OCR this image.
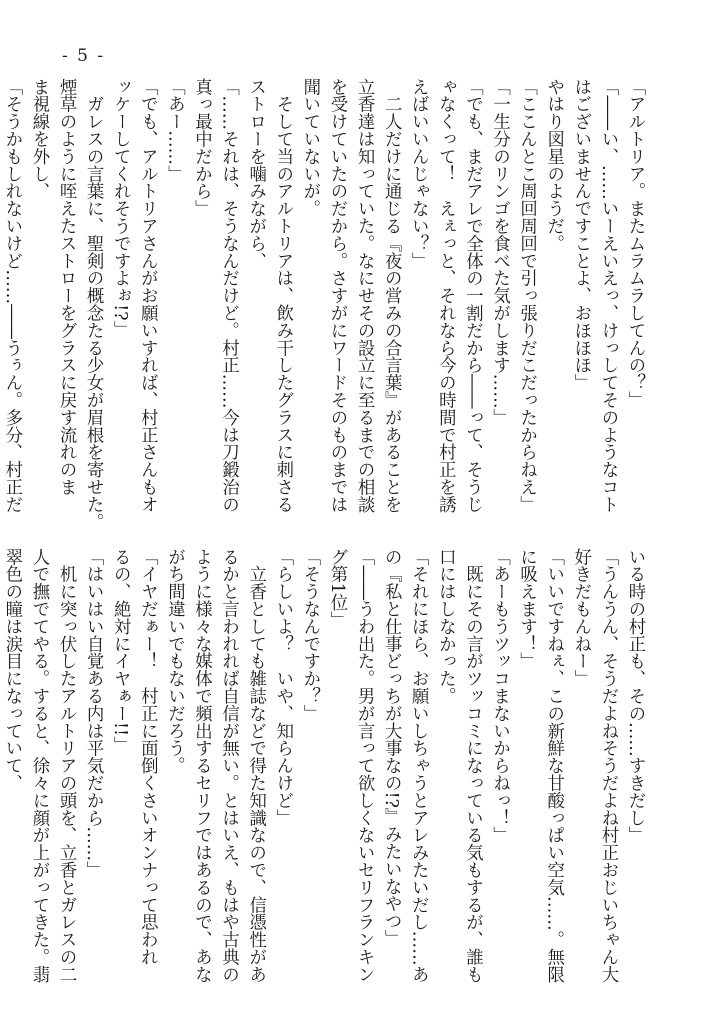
- 5 -

「アルトリア。またムラムラしてんの？」

「――い、……いーえいえっ、けっしてそのようなコト

はございませんですことよ、おほほほ」

やはり図星のようだ。

「ここんとこ周回周回で引っ張りだこだったからねえ」

「一生分のリンゴを食べた気がします……」

「でも、まだアレで全体の一割だから――って、そうじ

ゃなくって！　えぇっと、それなら今の時間で村正を誘

えばいいんじゃない？」

　二人だけに通じる『夜の営みの合言葉』があることを

立香達は知っていた。なにせその設立に至るまでの相談

を受けていたのだから。さすがにワードそのものまでは

聞いていないが。

　そして当のアルトリアは、飲み干したグラスに刺さる

ストローを噛みながら、

「……それは、そうなんだけど。村正……今は刀鍛治の

真っ最中だから」

「あー……」

「でも、アルトリアさんがお願いすれば、村正さんもオ

ッケーしてくれそうですよぉ!?」

　ガレスの言葉に、聖剣の概念たる少女が眉根を寄せた。

煙草のように咥えたストローをグラスに戻す流れのま

ま視線を外し、

「そうかもしれないけど……――うぅん。多分、村正だ

いる時の村正も、その……すきだし」

「うんうん、そうだよねそうだよね村正おじいちゃん大

好きだもんねー」

「いいですねぇ、この新鮮な甘酸っぱい空気……。無限

に吸えます！」

「あーもうツッコまないからねっ！」

　既にその言がツッコミになっている気もするが、誰も

口にはしなかった。

「それにほら、お願いしちゃうとアレみたいだし……あ

の『私と仕事どっちが大事なの!?』みたいなやつ」

「――うわ出た。男が言って欲しくないセリフランキン

グ第1位」

「そうなんですか？」

「らしいよ？　いや、知らんけど」

　立香としても雑誌などで得た知識なので、信憑性があ

るかと言われれば自信が無い。とはいえ、もはや古典の

ように様々な媒体で頻出するセリフではあるので、あな

がち間違いでもないだろう。

「イヤだぁー！　村正に面倒くさいオンナって思われ

るの、絶対にイヤぁー!!」

「はいはい自覚ある内は平気だから……」

　机に突っ伏したアルトリアの頭を、立香とガレスの二

人で撫でてやる。すると、徐々に顔が上がってきた。翡

翠色の瞳は涙目になっていて、
